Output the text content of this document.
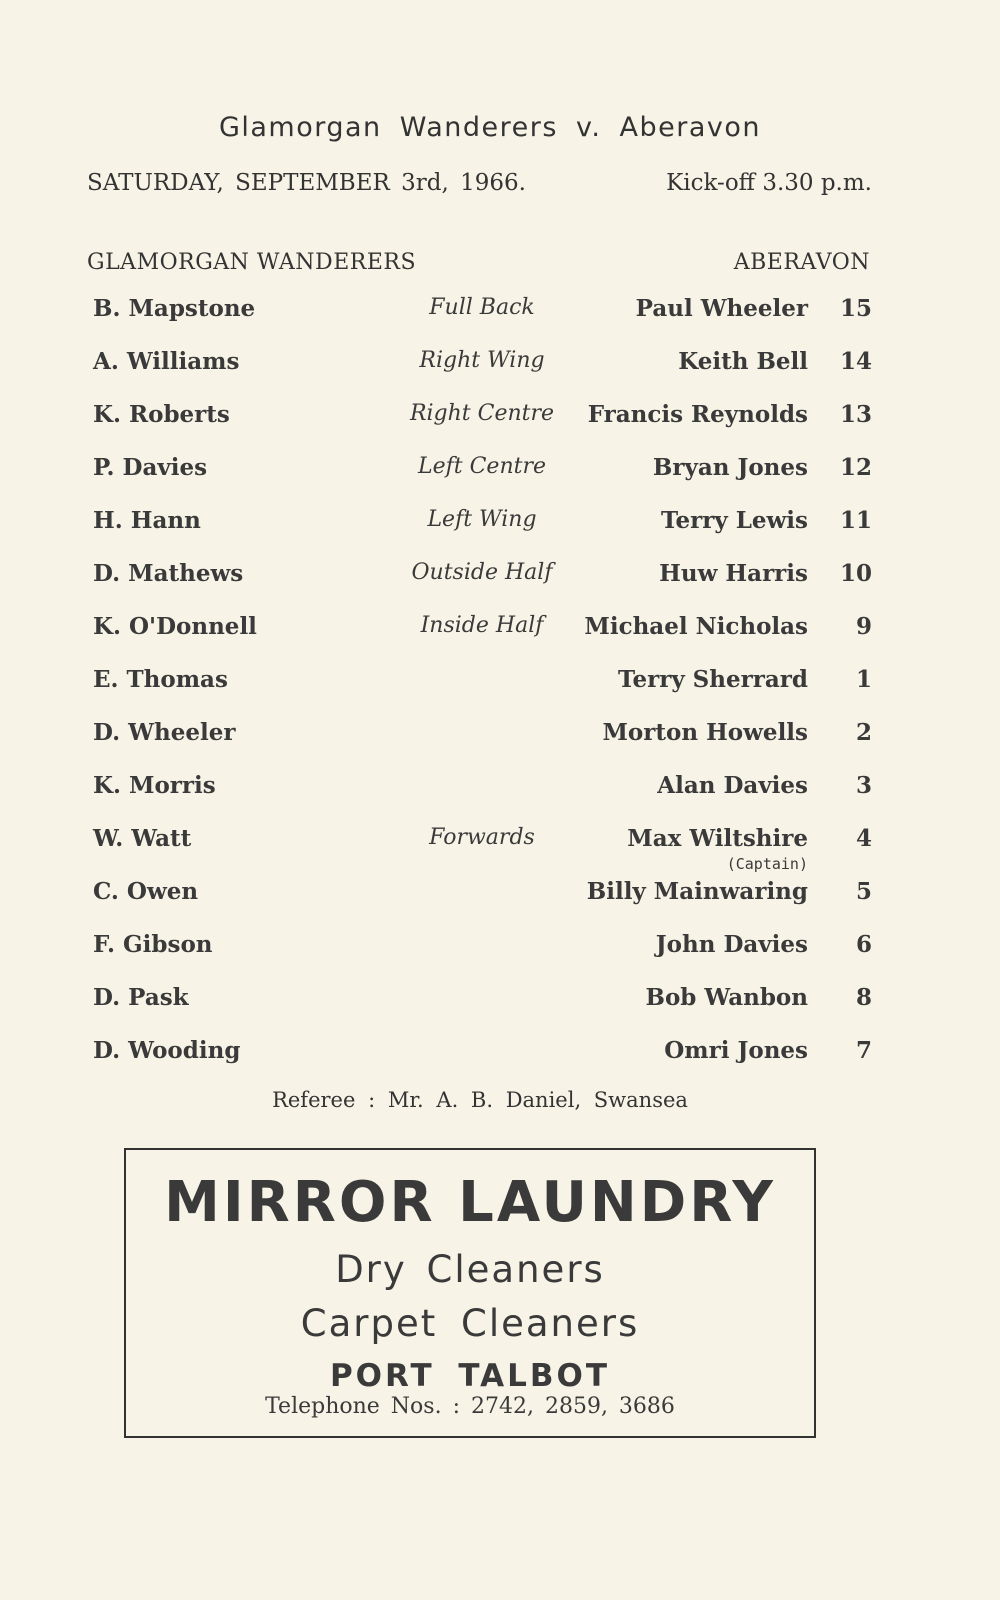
Glamorgan Wanderers v. Aberavon
SATURDAY, SEPTEMBER 3rd, 1966.	Kick-off 3.30 p.m.
GLAMORGAN WANDERERS	ABERAVON
B. Mapstone	Full Back	Paul Wheeler 15
A. Williams	Right Wing	Keith Bell 14
K. Roberts	Right Centre	Francis Reynolds 13
P. Davies	Left Centre	Bryan Jones 12
H. Hann	Left Wing	Terry Lewis 11
D. Mathews	Outside Half	Huw Harris 10
K. O'Donnell	Inside Half	Michael Nicholas 9
E. Thomas	Terry Sherrard 1
D. Wheeler	Morton Howells 2
K. Morris	Alan Davies 3
W. Watt	Forwards	Max Wiltshire 4
(Captain)
C. Owen	Billy Mainwaring 5
F. Gibson	John Davies 6
D. Pask	Bob Wanbon 8
D. Wooding	Omri Jones 7
Referee : Mr. A. B. Daniel, Swansea
MIRROR LAUNDRY
Dry Cleaners
Carpet Cleaners
PORT TALBOT
Telephone Nos. : 2742, 2859, 3686
